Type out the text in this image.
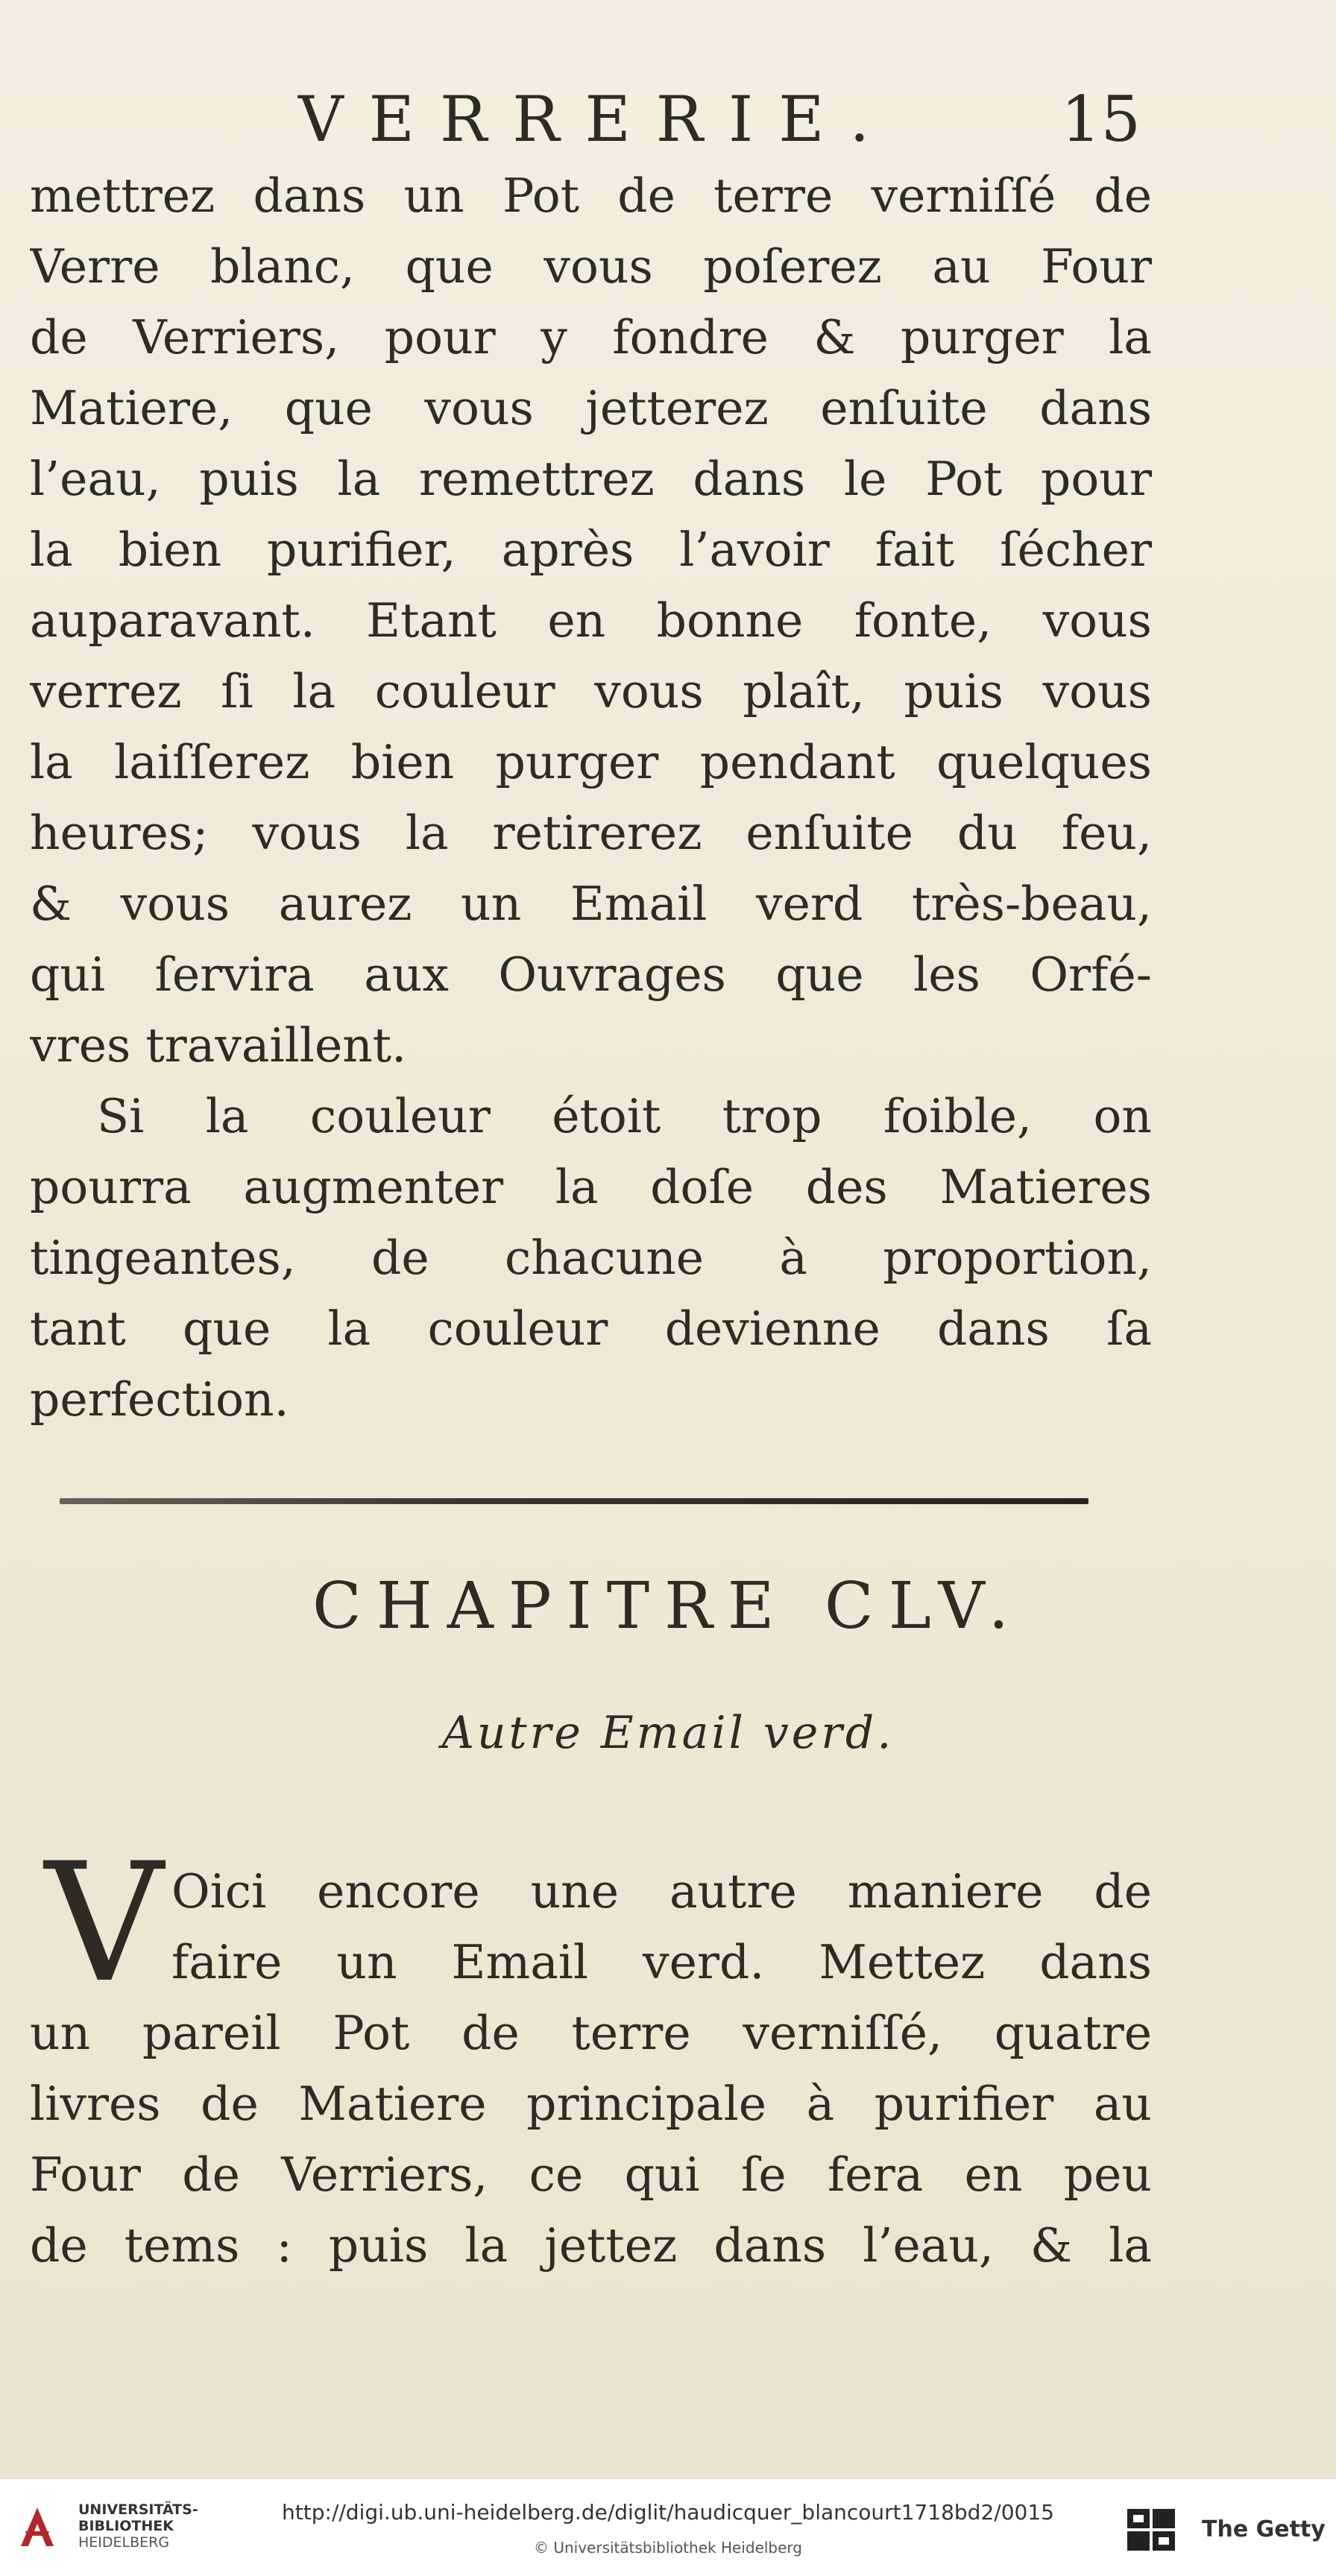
VERRERIE.	15
mettrez dans un Pot de terre verniſſé de
Verre blanc, que vous poſerez au Four
de Verriers, pour y fondre & purger la
Matiere, que vous jetterez enſuite dans
l’eau, puis la remettrez dans le Pot pour
la bien purifier, après l’avoir fait ſécher
auparavant. Etant en bonne fonte, vous
verrez ſi la couleur vous plaît, puis vous
la laiſſerez bien purger pendant quelques
heures; vous la retirerez enſuite du feu,
& vous aurez un Email verd très-beau,
qui ſervira aux Ouvrages que les Orfé-
vres travaillent.
Si la couleur étoit trop foible, on
pourra augmenter la doſe des Matieres
tingeantes, de chacune à proportion,
tant que la couleur devienne dans ſa
perfection.
CHAPITRE CLV.
Autre Email verd.
V Oici encore une autre maniere de
faire un Email verd. Mettez dans
un pareil Pot de terre verniſſé, quatre
livres de Matiere principale à purifier au
Four de Verriers, ce qui ſe fera en peu
de tems : puis la jettez dans l’eau, & la
UNIVERSITÄTS-
BIBLIOTHEK
HEIDELBERG
http://digi.ub.uni-heidelberg.de/diglit/haudicquer_blancourt1718bd2/0015
© Universitätsbibliothek Heidelberg
The Getty
